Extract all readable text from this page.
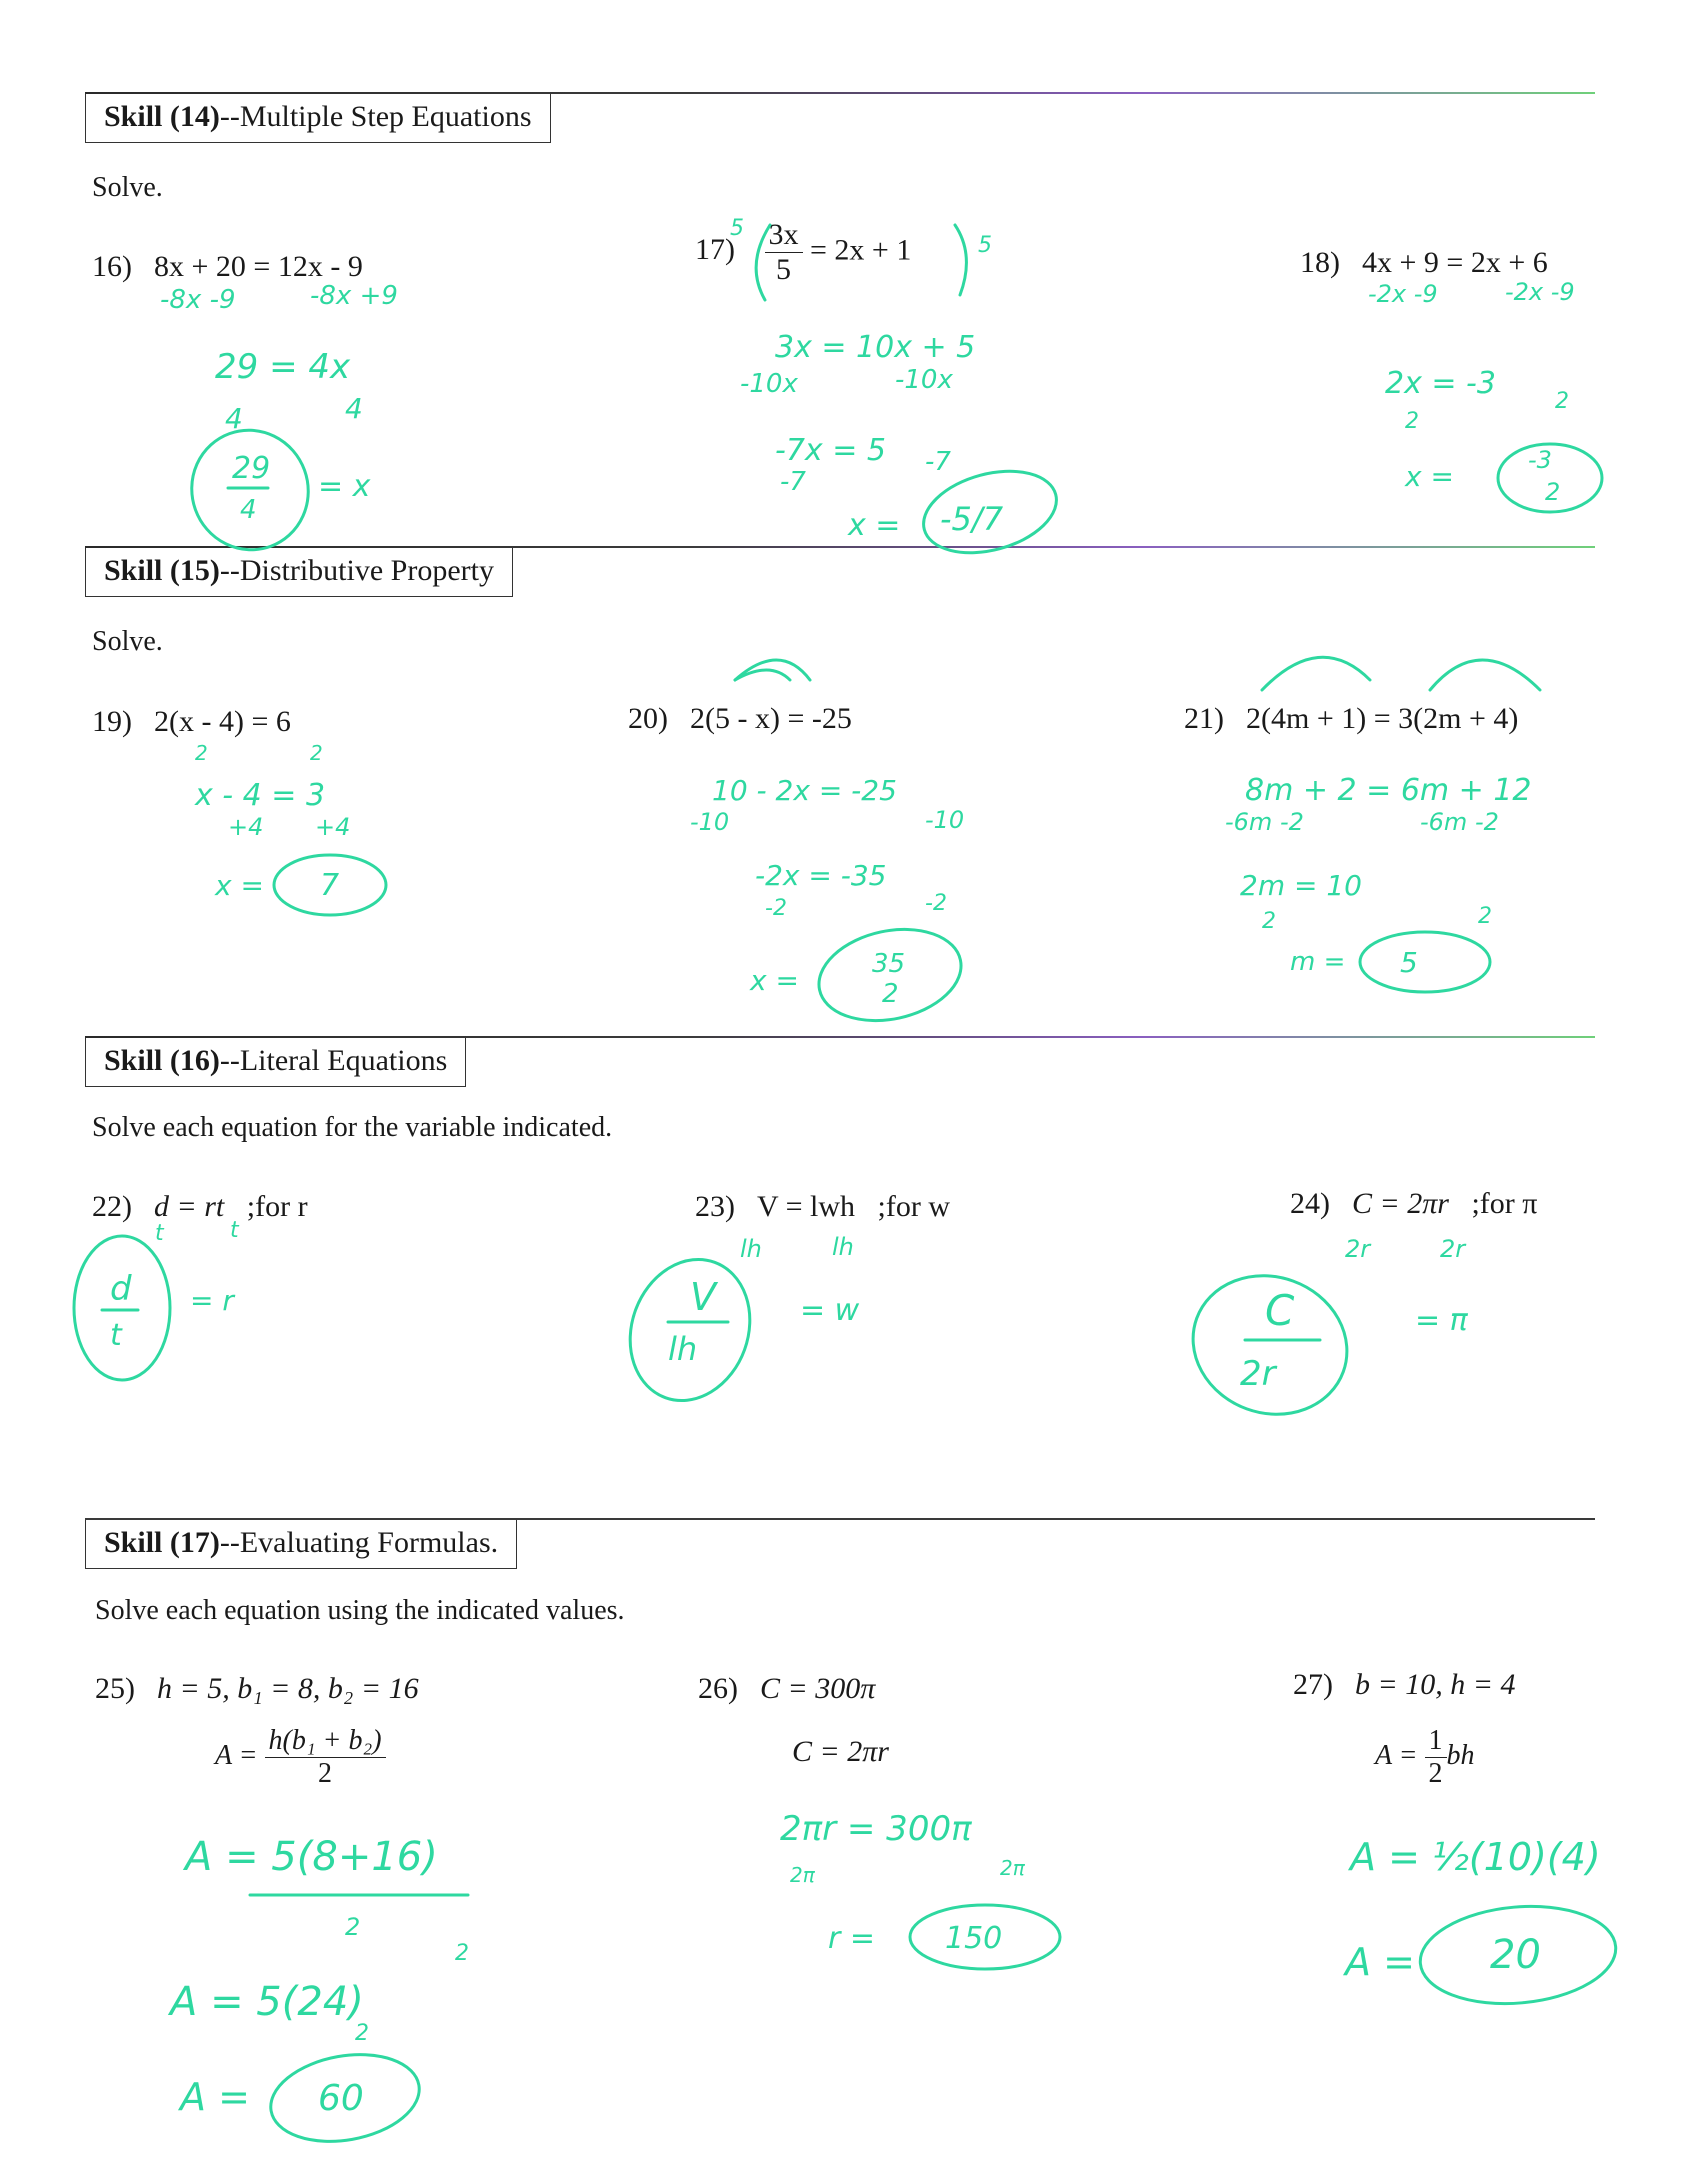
Skill (14)--Multiple Step Equations
Solve.
16) 8x + 20 = 12x - 9
$17) \frac{3x}{5} = 2x + 1$	18) 4x + 9 = 2x + 6
Skill (15)--Distributive Property
Solve.
19) 2(x - 4) = 6	20) 2(5 - x) = -25	21) 2(4m + 1) = 3(2m + 4)
Skill (16)--Literal Equations
Solve each equation for the variable indicated.
22) d = rt ;for r	23) V = lwh ;for w	24) C = 2πr ;for π
Skill (17)--Evaluating Formulas.
Solve each equation using the indicated values.
25) h = 5, b₁ = 8, b₂ = 16
$A = \frac{\text{h(b₁ + b₂)}}{2}$
26) C = 300π
C = 2πr
27) b = 10, h = 4
$A = \frac{1}{2}$ bh
-8x -9	-8x +9
29 = 4x
4	4
29
4
= x
5
5
3x = 10x + 5
-10x	-10x
-7x = 5
-7
-7
x = -5/7
-2x -9	-2x -9
2x = -3
2
2
x =	-3
2
2	2
x - 4 = 3
+4 +4
x = 7
10 - 2x = -25
-10	-10
-2x = -35
-2	-2
x =	35
2
8m + 2 = 6m + 12
-6m -2	-6m -2
2m = 10
2	2
m = 5
t	t
d
t
= r
lh	lh
V
lh
= w
2r	2r
C
2r
= π
A = 5(8+16)
2
A = 5(24)
2
2
A = 60
2πr = 300π
2π	2π
r = 150
A = ½(10)(4)
A = 20
